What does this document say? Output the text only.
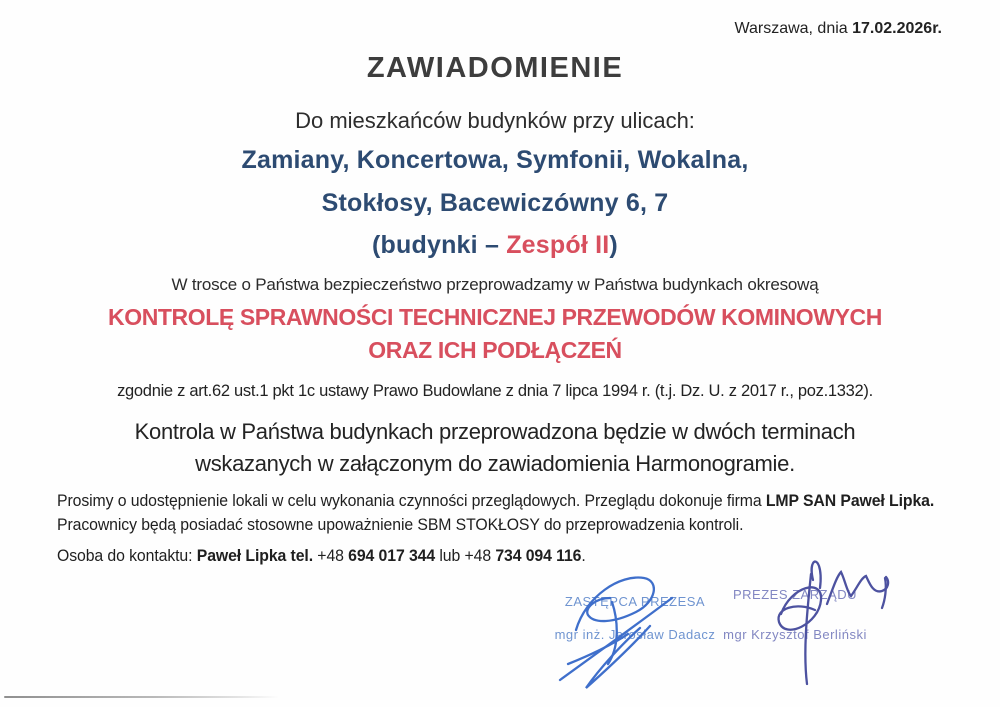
Warszawa, dnia 17.02.2026r.
ZAWIADOMIENIE
Do mieszkańców budynków przy ulicach:
Zamiany, Koncertowa, Symfonii, Wokalna,
Stokłosy, Bacewiczówny 6, 7
(budynki – Zespół II)
W trosce o Państwa bezpieczeństwo przeprowadzamy w Państwa budynkach okresową
KONTROLĘ SPRAWNOŚCI TECHNICZNEJ PRZEWODÓW KOMINOWYCH
ORAZ ICH PODŁĄCZEŃ
zgodnie z art.62 ust.1 pkt 1c ustawy Prawo Budowlane z dnia 7 lipca 1994 r. (t.j. Dz. U. z 2017 r., poz.1332).
Kontrola w Państwa budynkach przeprowadzona będzie w dwóch terminach
wskazanych w załączonym do zawiadomienia Harmonogramie.
Prosimy o udostępnienie lokali w celu wykonania czynności przeglądowych. Przeglądu dokonuje firma LMP SAN Paweł Lipka.
Pracownicy będą posiadać stosowne upoważnienie SBM STOKŁOSY do przeprowadzenia kontroli.
Osoba do kontaktu: Paweł Lipka tel. +48 694 017 344 lub +48 734 094 116.
ZASTĘPCA PREZESA
mgr inż. Jarosław Dadacz
PREZES ZARZĄDU
mgr Krzysztof Berliński
